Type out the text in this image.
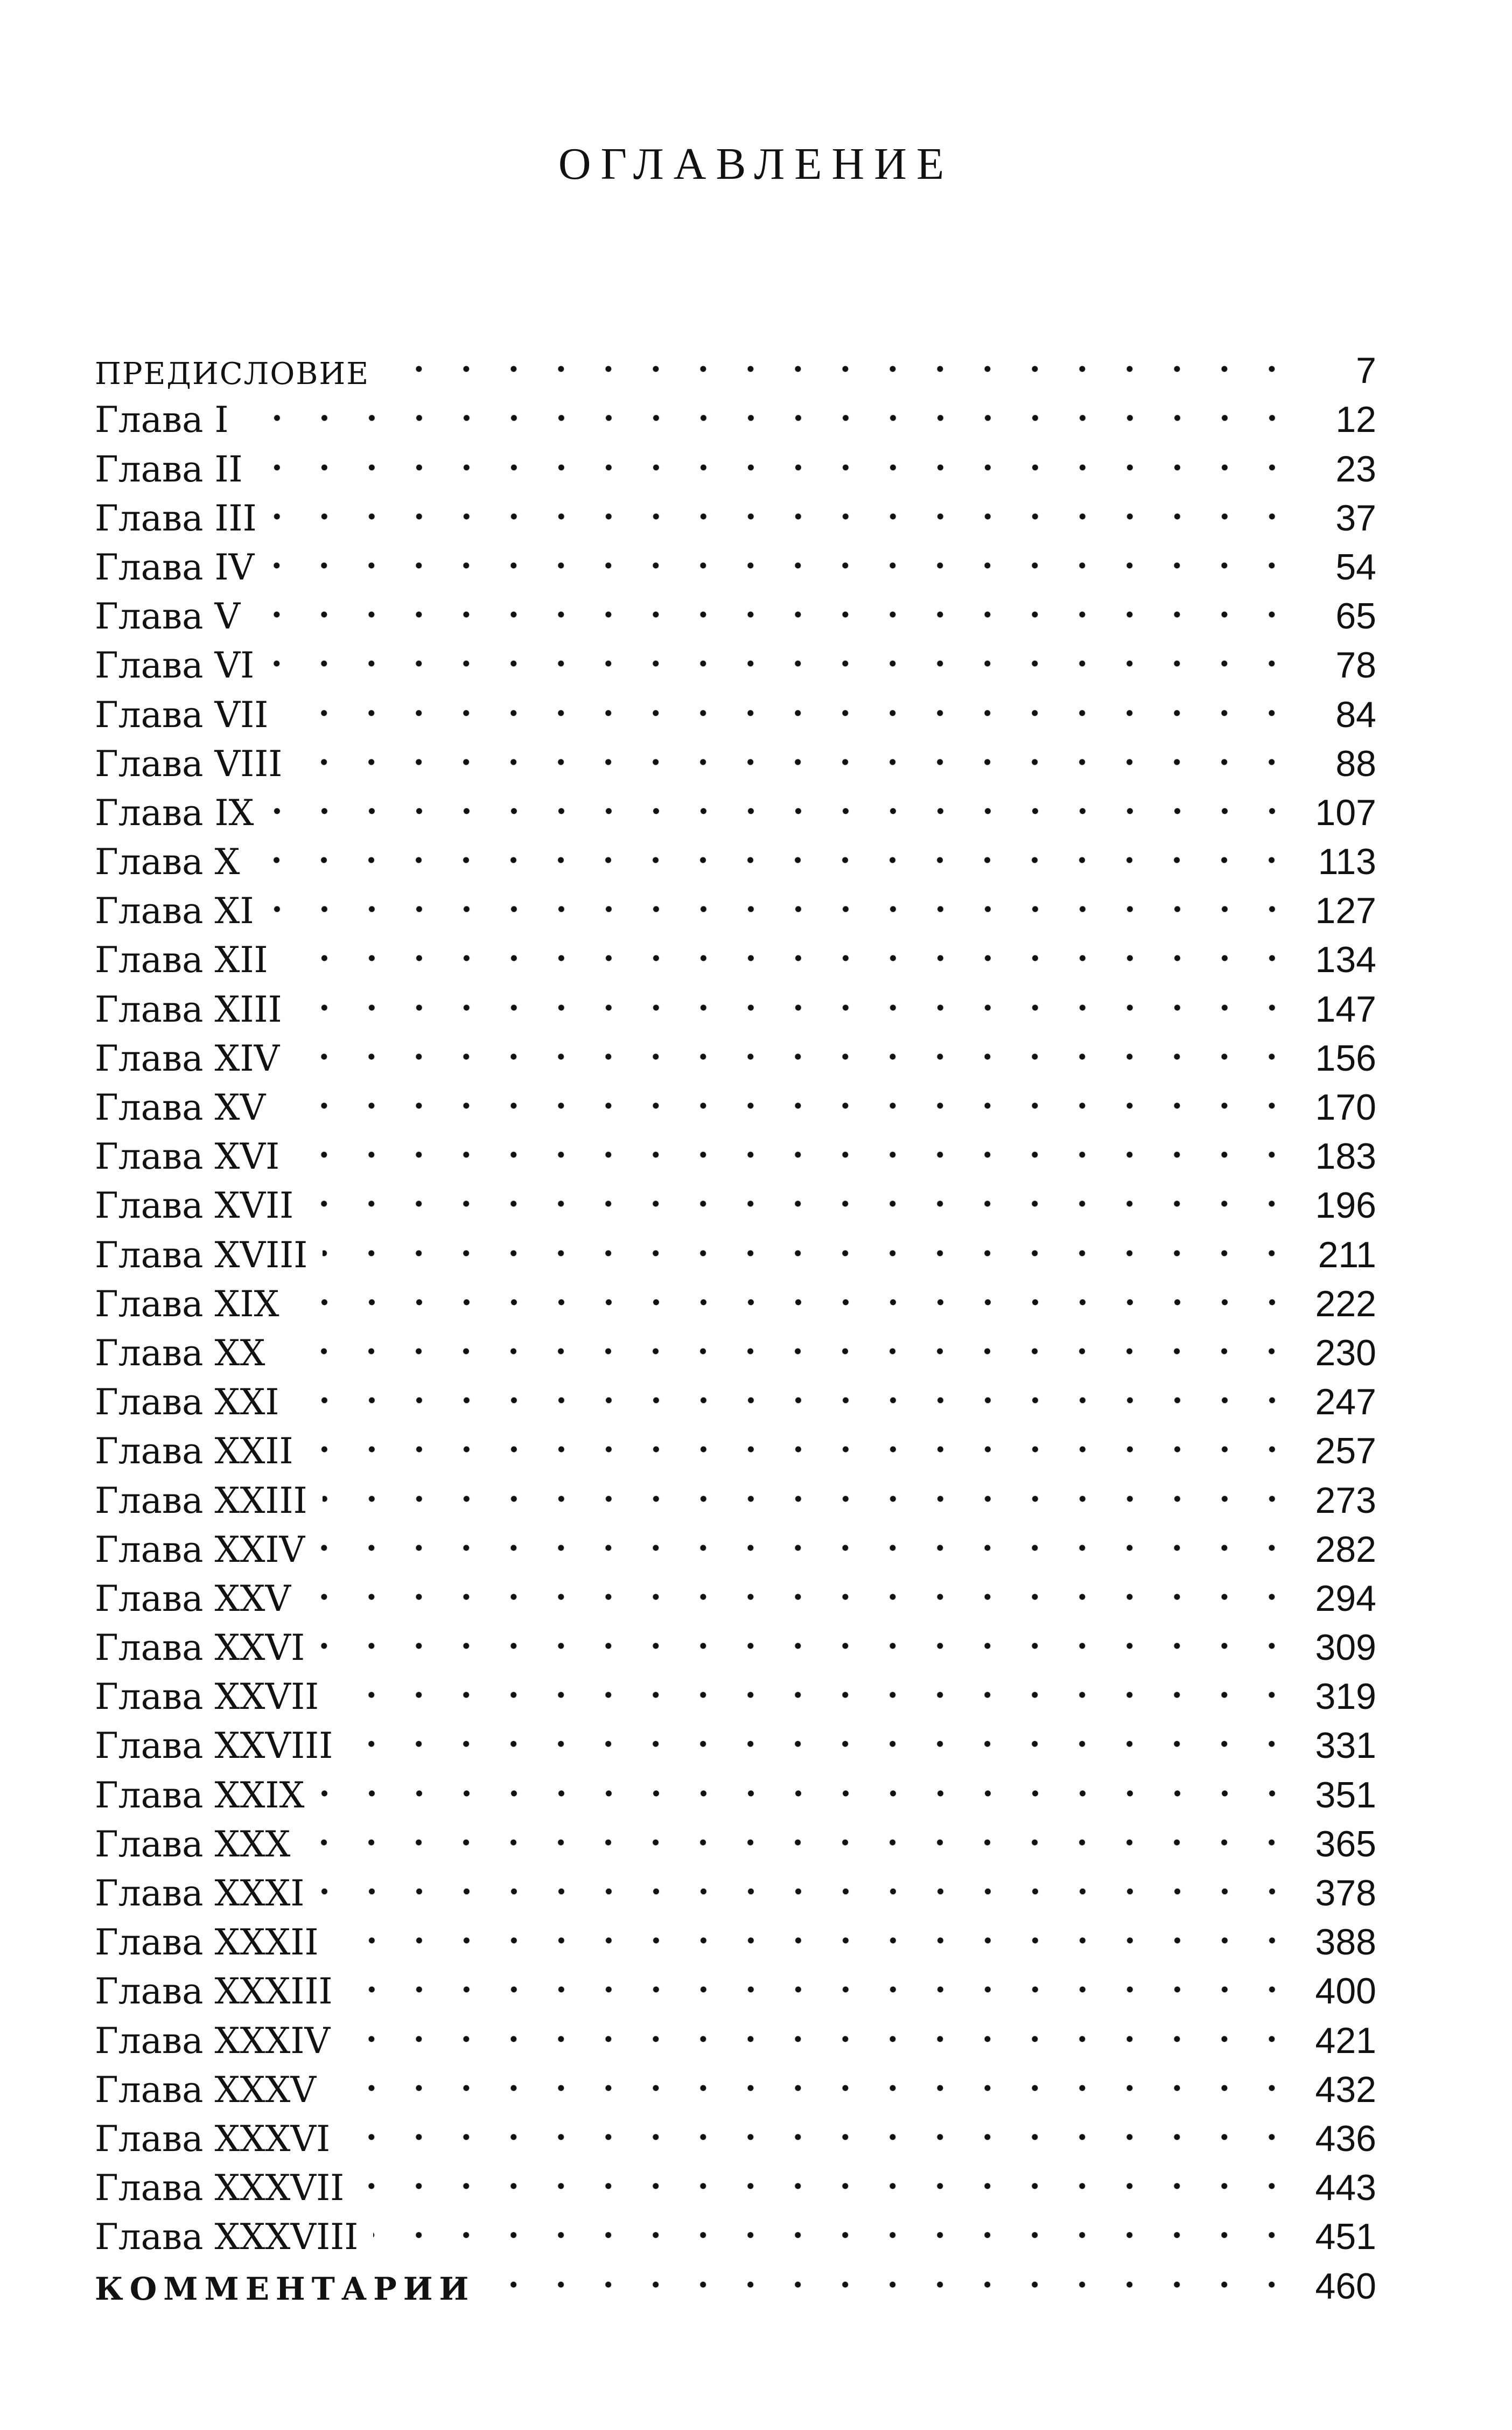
ОГЛАВЛЕНИЕ
ПРЕДИСЛОВИЕ	7
Глава I	12
Глава II	23
Глава III	37
Глава IV	54
Глава V	65
Глава VI	78
Глава VII	84
Глава VIII	88
Глава IX	107
Глава X	113
Глава XI	127
Глава XII	134
Глава XIII	147
Глава XIV	156
Глава XV	170
Глава XVI	183
Глава XVII	196
Глава XVIII	211
Глава XIX	222
Глава XX	230
Глава XXI	247
Глава XXII	257
Глава XXIII	273
Глава XXIV	282
Глава XXV	294
Глава XXVI	309
Глава XXVII	319
Глава XXVIII	331
Глава XXIX	351
Глава XXX	365
Глава XXXI	378
Глава XXXII	388
Глава XXXIII	400
Глава XXXIV	421
Глава XXXV	432
Глава XXXVI	436
Глава XXXVII	443
Глава XXXVIII	451
КОММЕНТАРИИ	460
